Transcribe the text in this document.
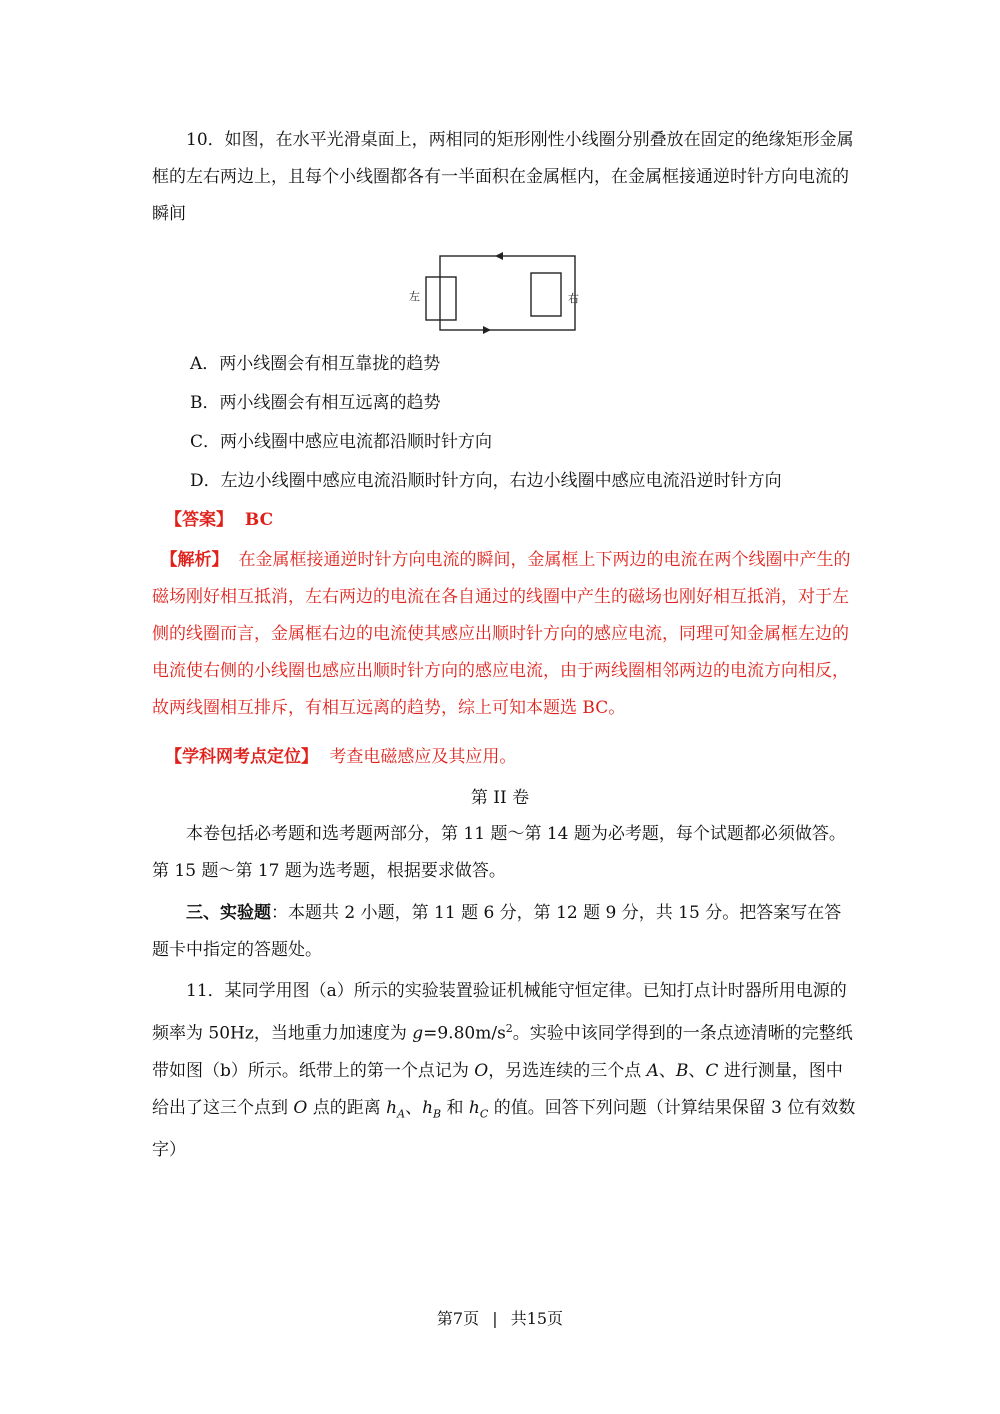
10．如图，在水平光滑桌面上，两相同的矩形刚性小线圈分别叠放在固定的绝缘矩形金属框的左右两边上，且每个小线圈都各有一半面积在金属框内，在金属框接通逆时针方向电流的瞬间

左	右
A．两小线圈会有相互靠拢的趋势
B．两小线圈会有相互远离的趋势
C．两小线圈中感应电流都沿顺时针方向
D．左边小线圈中感应电流沿顺时针方向，右边小线圈中感应电流沿逆时针方向
【答案】 BC

【解析】 在金属框接通逆时针方向电流的瞬间，金属框上下两边的电流在两个线圈中产生的磁场刚好相互抵消，左右两边的电流在各自通过的线圈中产生的磁场也刚好相互抵消，对于左侧的线圈而言，金属框右边的电流使其感应出顺时针方向的感应电流，同理可知金属框左边的电流使右侧的小线圈也感应出顺时针方向的感应电流，由于两线圈相邻两边的电流方向相反，故两线圈相互排斥，有相互远离的趋势，综上可知本题选 BC。

【学科网考点定位】 考查电磁感应及其应用。
第 II 卷

本卷包括必考题和选考题两部分，第 11 题～第 14 题为必考题，每个试题都必须做答。第 15 题～第 17 题为选考题，根据要求做答。

三、实验题：本题共 2 小题，第 11 题 6 分，第 12 题 9 分，共 15 分。把答案写在答题卡中指定的答题处。

11．某同学用图（a）所示的实验装置验证机械能守恒定律。已知打点计时器所用电源的频率为 50Hz，当地重力加速度为 $g=9.80m/s^2$。实验中该同学得到的一条点迹清晰的完整纸带如图（b）所示。纸带上的第一个点记为 O，另选连续的三个点 A、B、C 进行测量，图中给出了这三个点到 O 点的距离 $h_A$、$h_B$ 和 $h_C$ 的值。回答下列问题（计算结果保留 3 位有效数字）

第7页 | 共15页
